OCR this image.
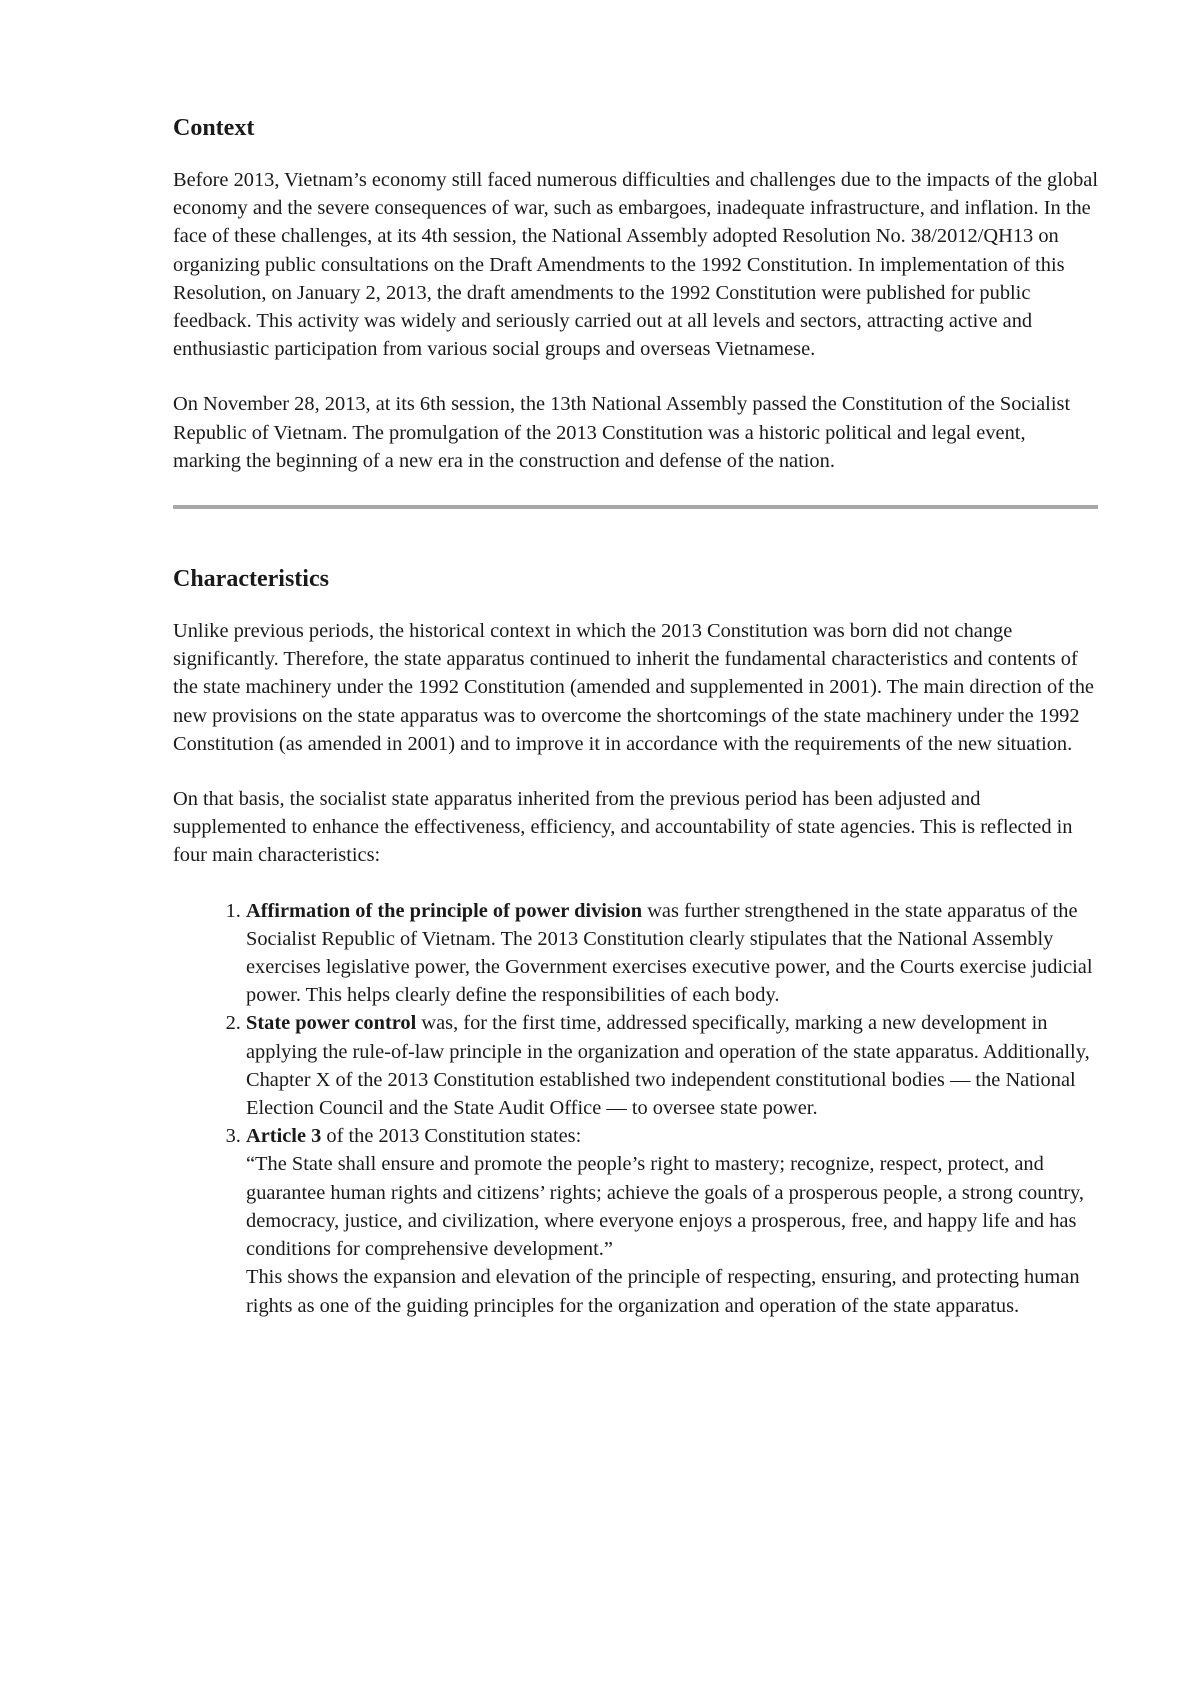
Context

Before 2013, Vietnam’s economy still faced numerous difficulties and challenges due to the impacts of the global economy and the severe consequences of war, such as embargoes, inadequate infrastructure, and inflation. In the face of these challenges, at its 4th session, the National Assembly adopted Resolution No. 38/2012/QH13 on organizing public consultations on the Draft Amendments to the 1992 Constitution. In implementation of this Resolution, on January 2, 2013, the draft amendments to the 1992 Constitution were published for public feedback. This activity was widely and seriously carried out at all levels and sectors, attracting active and enthusiastic participation from various social groups and overseas Vietnamese.

On November 28, 2013, at its 6th session, the 13th National Assembly passed the Constitution of the Socialist Republic of Vietnam. The promulgation of the 2013 Constitution was a historic political and legal event, marking the beginning of a new era in the construction and defense of the nation.

Characteristics

Unlike previous periods, the historical context in which the 2013 Constitution was born did not change significantly. Therefore, the state apparatus continued to inherit the fundamental characteristics and contents of the state machinery under the 1992 Constitution (amended and supplemented in 2001). The main direction of the new provisions on the state apparatus was to overcome the shortcomings of the state machinery under the 1992 Constitution (as amended in 2001) and to improve it in accordance with the requirements of the new situation.

On that basis, the socialist state apparatus inherited from the previous period has been adjusted and supplemented to enhance the effectiveness, efficiency, and accountability of state agencies. This is reflected in four main characteristics:

1. Affirmation of the principle of power division was further strengthened in the state apparatus of the Socialist Republic of Vietnam. The 2013 Constitution clearly stipulates that the National Assembly exercises legislative power, the Government exercises executive power, and the Courts exercise judicial power. This helps clearly define the responsibilities of each body.
2. State power control was, for the first time, addressed specifically, marking a new development in applying the rule-of-law principle in the organization and operation of the state apparatus. Additionally, Chapter X of the 2013 Constitution established two independent constitutional bodies — the National Election Council and the State Audit Office — to oversee state power.
3. Article 3 of the 2013 Constitution states:
“The State shall ensure and promote the people’s right to mastery; recognize, respect, protect, and guarantee human rights and citizens’ rights; achieve the goals of a prosperous people, a strong country, democracy, justice, and civilization, where everyone enjoys a prosperous, free, and happy life and has conditions for comprehensive development.”
This shows the expansion and elevation of the principle of respecting, ensuring, and protecting human rights as one of the guiding principles for the organization and operation of the state apparatus.
